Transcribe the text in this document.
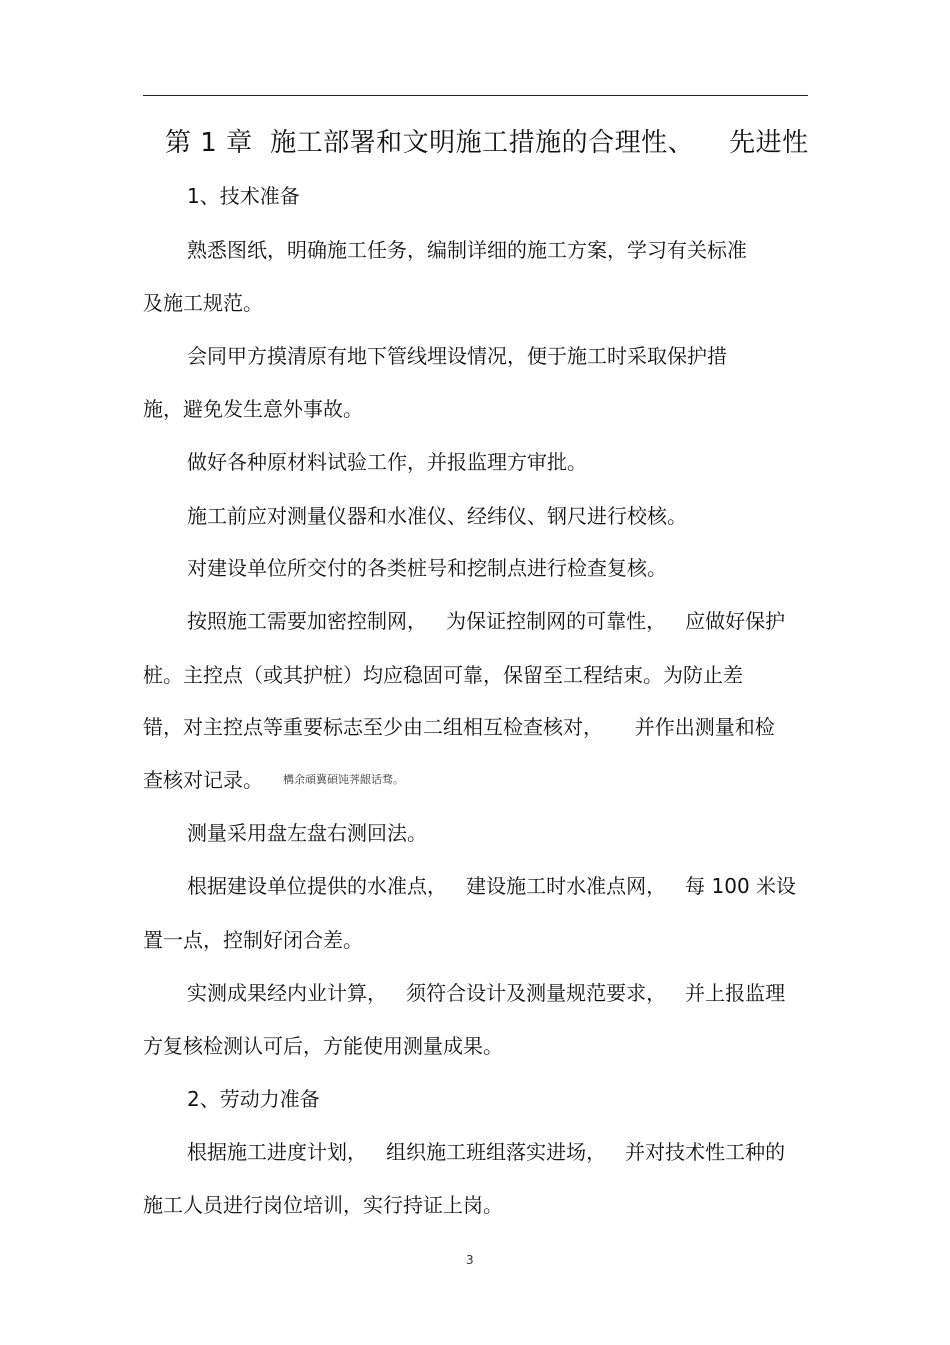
第 1 章  施工部署和文明施工措施的合理性、    先进性
1、技术准备
熟悉图纸，明确施工任务，编制详细的施工方案，学习有关标准
及施工规范。
会同甲方摸清原有地下管线埋设情况，便于施工时采取保护措
施，避免发生意外事故。
做好各种原材料试验工作，并报监理方审批。
施工前应对测量仪器和水准仪、经纬仪、钢尺进行校核。
对建设单位所交付的各类桩号和挖制点进行检查复核。
按照施工需要加密控制网，   为保证控制网的可靠性，   应做好保护
桩。主控点（或其护桩）均应稳固可靠，保留至工程结束。为防止差
错，对主控点等重要标志至少由二组相互检查核对，     并作出测量和检
查核对记录。 $^{構余頑冀碩饨荠龈话骛。}$
测量采用盘左盘右测回法。
根据建设单位提供的水准点，   建设施工时水准点网，   每 100 米设
置一点，控制好闭合差。
实测成果经内业计算，   须符合设计及测量规范要求，   并上报监理
方复核检测认可后，方能使用测量成果。
2、劳动力准备
根据施工进度计划，   组织施工班组落实进场，   并对技术性工种的
施工人员进行岗位培训，实行持证上岗。
3
